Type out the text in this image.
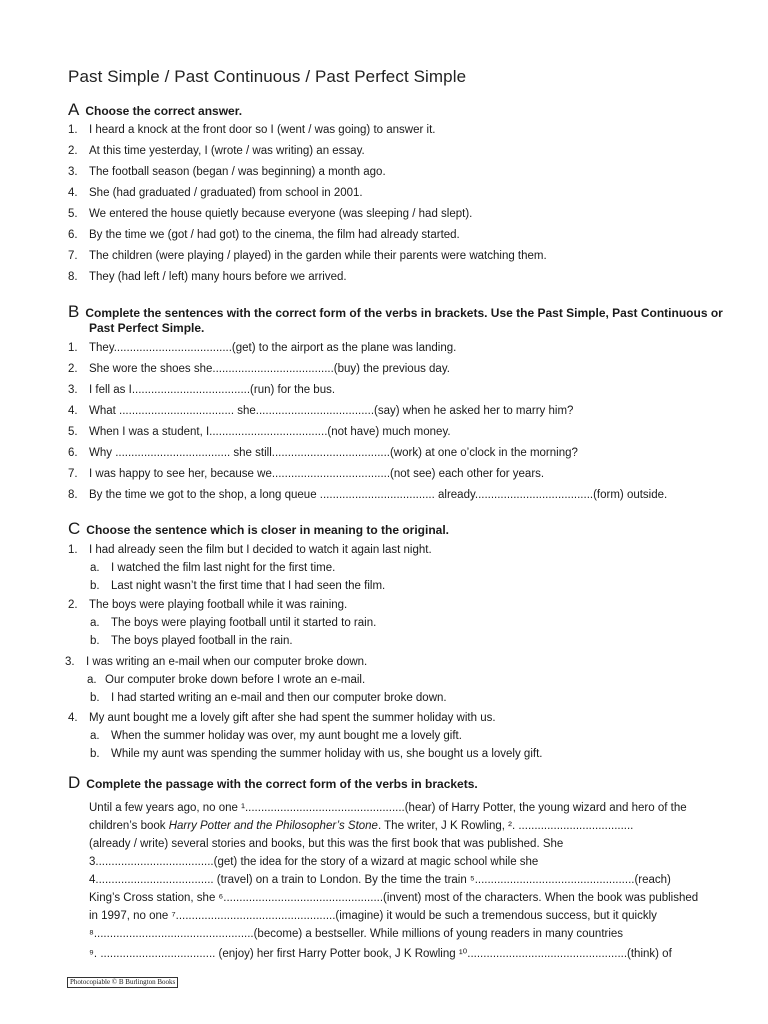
Past Simple / Past Continuous / Past Perfect Simple
A Choose the correct answer.
1. I heard a knock at the front door so I (went / was going) to answer it.
2. At this time yesterday, I (wrote / was writing) an essay.
3. The football season (began / was beginning) a month ago.
4. She (had graduated / graduated) from school in 2001.
5. We entered the house quietly because everyone (was sleeping / had slept).
6. By the time we (got / had got) to the cinema, the film had already started.
7. The children (were playing / played) in the garden while their parents were watching them.
8. They (had left / left) many hours before we arrived.
B Complete the sentences with the correct form of the verbs in brackets. Use the Past Simple, Past Continuous or
Past Perfect Simple.
1. They.....................................(get) to the airport as the plane was landing.
2. She wore the shoes she......................................(buy) the previous day.
3. I fell as I.....................................(run) for the bus.
4. What .................................... she.....................................(say) when he asked her to marry him?
5. When I was a student, I.....................................(not have) much money.
6. Why .................................... she still.....................................(work) at one o’clock in the morning?
7. I was happy to see her, because we.....................................(not see) each other for years.
8. By the time we got to the shop, a long queue .................................... already.....................................(form) outside.
C Choose the sentence which is closer in meaning to the original.
1. I had already seen the film but I decided to watch it again last night.
a. I watched the film last night for the first time.
b. Last night wasn’t the first time that I had seen the film.
2. The boys were playing football while it was raining.
a. The boys were playing football until it started to rain.
b. The boys played football in the rain.
3. I was writing an e-mail when our computer broke down.
a. Our computer broke down before I wrote an e-mail.
b. I had started writing an e-mail and then our computer broke down.
4. My aunt bought me a lovely gift after she had spent the summer holiday with us.
a. When the summer holiday was over, my aunt bought me a lovely gift.
b. While my aunt was spending the summer holiday with us, she bought us a lovely gift.
D Complete the passage with the correct form of the verbs in brackets.
Until a few years ago, no one ¹..................................................(hear) of Harry Potter, the young wizard and hero of the
children’s book Harry Potter and the Philosopher’s Stone. The writer, J K Rowling, ². ....................................
(already / write) several stories and books, but this was the first book that was published. She
3.....................................(get) the idea for the story of a wizard at magic school while she
4..................................... (travel) on a train to London. By the time the train ⁵..................................................(reach)
King’s Cross station, she ⁶..................................................(invent) most of the characters. When the book was published
in 1997, no one ⁷..................................................(imagine) it would be such a tremendous success, but it quickly
⁸..................................................(become) a bestseller. While millions of young readers in many countries
⁹. .................................... (enjoy) her first Harry Potter book, J K Rowling ¹⁰..................................................(think) of
Photocopiable © B Burlington Books
